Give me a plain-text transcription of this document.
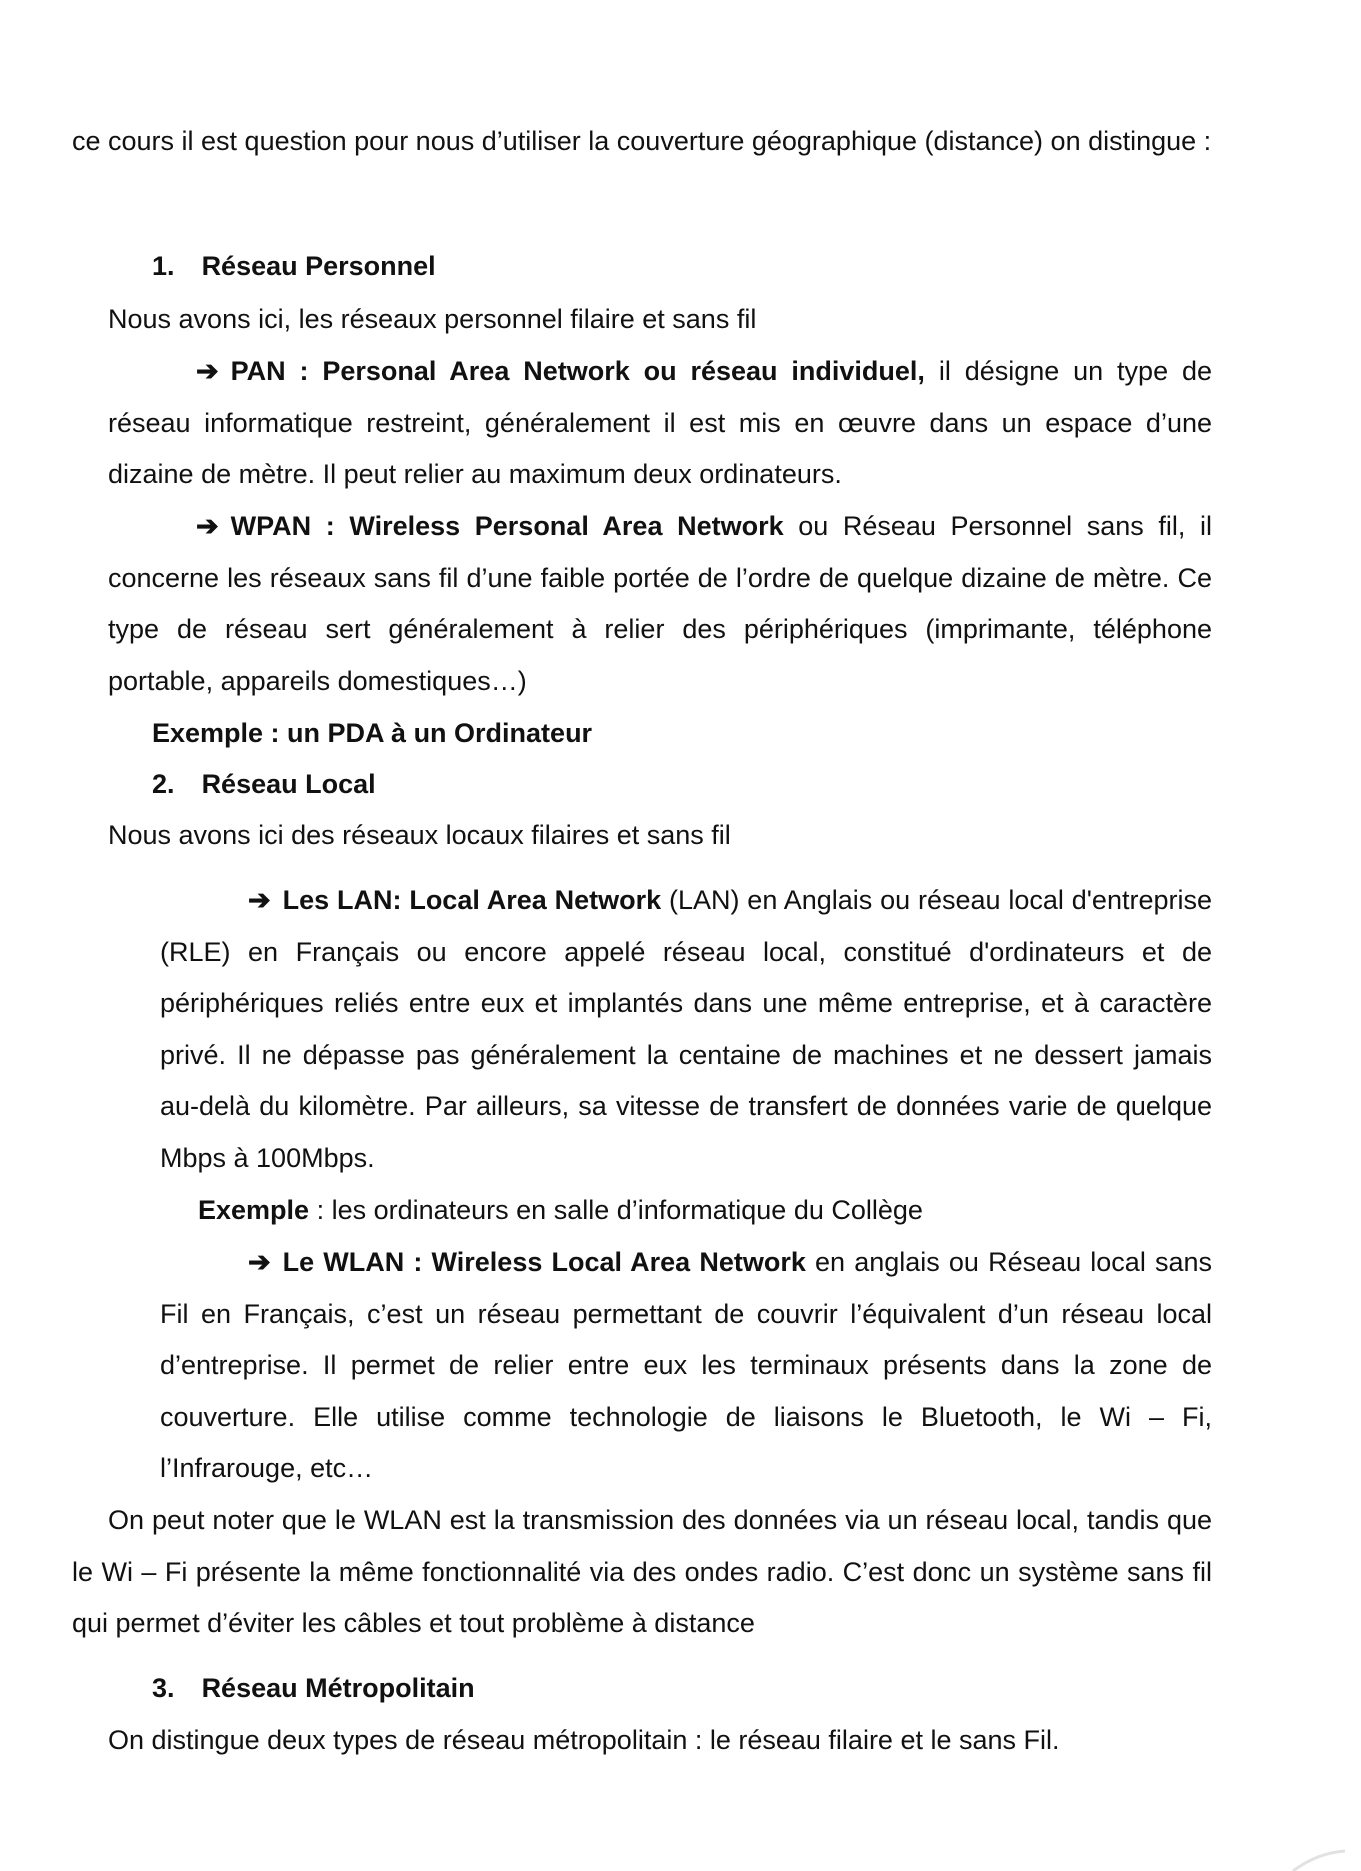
ce cours il est question pour nous d’utiliser la couverture géographique (distance) on distingue :

1. Réseau Personnel

Nous avons ici, les réseaux personnel filaire et sans fil

➔ PAN : Personal Area Network ou réseau individuel, il désigne un type de réseau informatique restreint, généralement il est mis en œuvre dans un espace d’une dizaine de mètre. Il peut relier au maximum deux ordinateurs.

➔ WPAN : Wireless Personal Area Network ou Réseau Personnel sans fil, il concerne les réseaux sans fil d’une faible portée de l’ordre de quelque dizaine de mètre. Ce type de réseau sert généralement à relier des périphériques (imprimante, téléphone portable, appareils domestiques…)

Exemple : un PDA à un Ordinateur

2. Réseau Local

Nous avons ici des réseaux locaux filaires et sans fil

➔ Les LAN: Local Area Network (LAN) en Anglais ou réseau local d'entreprise (RLE) en Français ou encore appelé réseau local, constitué d'ordinateurs et de périphériques reliés entre eux et implantés dans une même entreprise, et à caractère privé. Il ne dépasse pas généralement la centaine de machines et ne dessert jamais au-delà du kilomètre. Par ailleurs, sa vitesse de transfert de données varie de quelque Mbps à 100Mbps.

Exemple : les ordinateurs en salle d’informatique du Collège

➔ Le WLAN : Wireless Local Area Network en anglais ou Réseau local sans Fil en Français, c’est un réseau permettant de couvrir l’équivalent d’un réseau local d’entreprise. Il permet de relier entre eux les terminaux présents dans la zone de couverture. Elle utilise comme technologie de liaisons le Bluetooth, le Wi – Fi, l’Infrarouge, etc…

On peut noter que le WLAN est la transmission des données via un réseau local, tandis que le Wi – Fi présente la même fonctionnalité via des ondes radio. C’est donc un système sans fil qui permet d’éviter les câbles et tout problème à distance

3. Réseau Métropolitain

On distingue deux types de réseau métropolitain : le réseau filaire et le sans Fil.
